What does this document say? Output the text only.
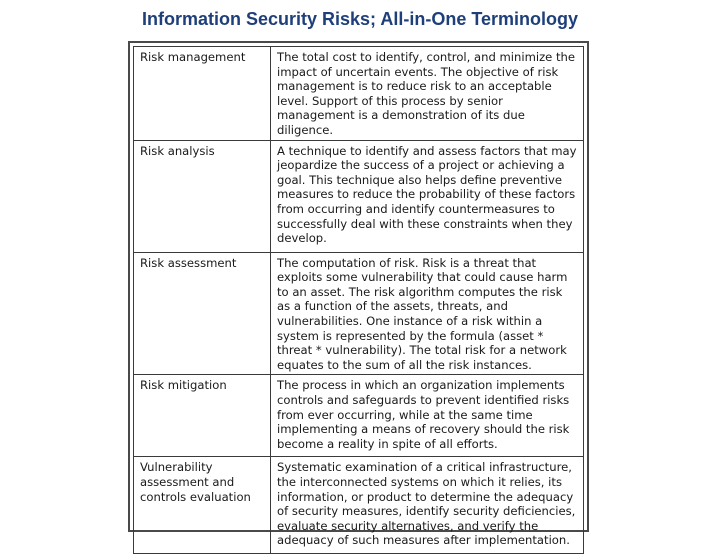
Information Security Risks; All-in-One Terminology
Risk management	The total cost to identify, control, and minimize the impact of uncertain events. The objective of risk management is to reduce risk to an acceptable level. Support of this process by senior management is a demonstration of its due diligence.
Risk analysis	A technique to identify and assess factors that may jeopardize the success of a project or achieving a goal. This technique also helps define preventive measures to reduce the probability of these factors from occurring and identify countermeasures to successfully deal with these constraints when they develop.
Risk assessment	The computation of risk. Risk is a threat that exploits some vulnerability that could cause harm to an asset. The risk algorithm computes the risk as a function of the assets, threats, and vulnerabilities. One instance of a risk within a system is represented by the formula (asset * threat * vulnerability). The total risk for a network equates to the sum of all the risk instances.
Risk mitigation	The process in which an organization implements controls and safeguards to prevent identified risks from ever occurring, while at the same time implementing a means of recovery should the risk become a reality in spite of all efforts.
Vulnerability assessment and controls evaluation	Systematic examination of a critical infrastructure, the interconnected systems on which it relies, its information, or product to determine the adequacy of security measures, identify security deficiencies, evaluate security alternatives, and verify the adequacy of such measures after implementation.
